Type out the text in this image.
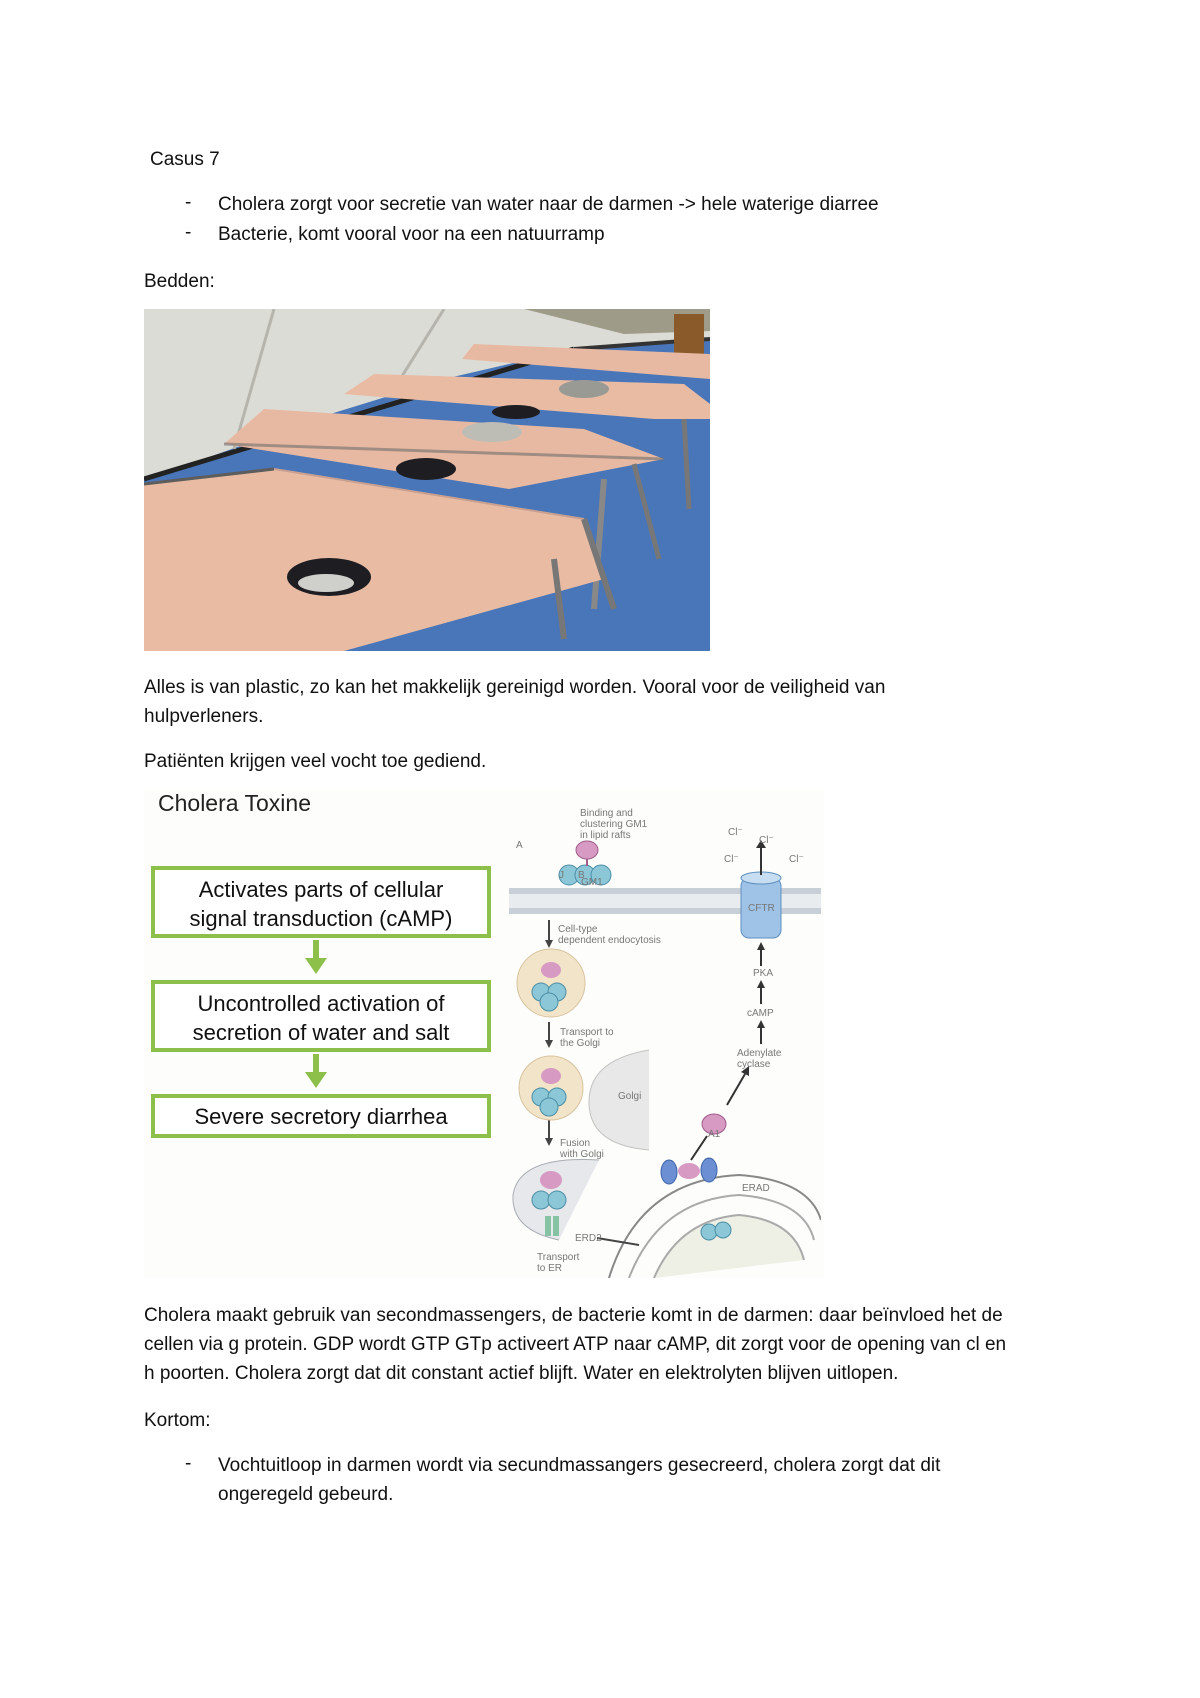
Casus 7
- Cholera zorgt voor secretie van water naar de darmen -> hele waterige diarree
- Bacterie, komt vooral voor na een natuurramp
Bedden:
Alles is van plastic, zo kan het makkelijk gereinigd worden. Vooral voor de veiligheid van
hulpverleners.
Patiënten krijgen veel vocht toe gediend.
Cholera Toxine
Activates parts of cellular
signal transduction (cAMP)
Uncontrolled activation of
secretion of water and salt
Severe secretory diarrhea
Binding and
clustering GM1
in lipid rafts
A
GM1
Cell-type
dependent endocytosis
Transport to
the Golgi
Golgi
Fusion
with Golgi
ERD2
Transport
to ER
ERAD
A1
Adenylate
cyclase
cAMP
PKA
CFTR
Cl⁻
Cl⁻
Cl⁻	Cl⁻
J B
Cholera maakt gebruik van secondmassengers, de bacterie komt in de darmen: daar beïnvloed het de
cellen via g protein. GDP wordt GTP GTp activeert ATP naar cAMP, dit zorgt voor de opening van cl en
h poorten. Cholera zorgt dat dit constant actief blijft. Water en elektrolyten blijven uitlopen.
Kortom:
- Vochtuitloop in darmen wordt via secundmassangers gesecreerd, cholera zorgt dat dit
ongeregeld gebeurd.
